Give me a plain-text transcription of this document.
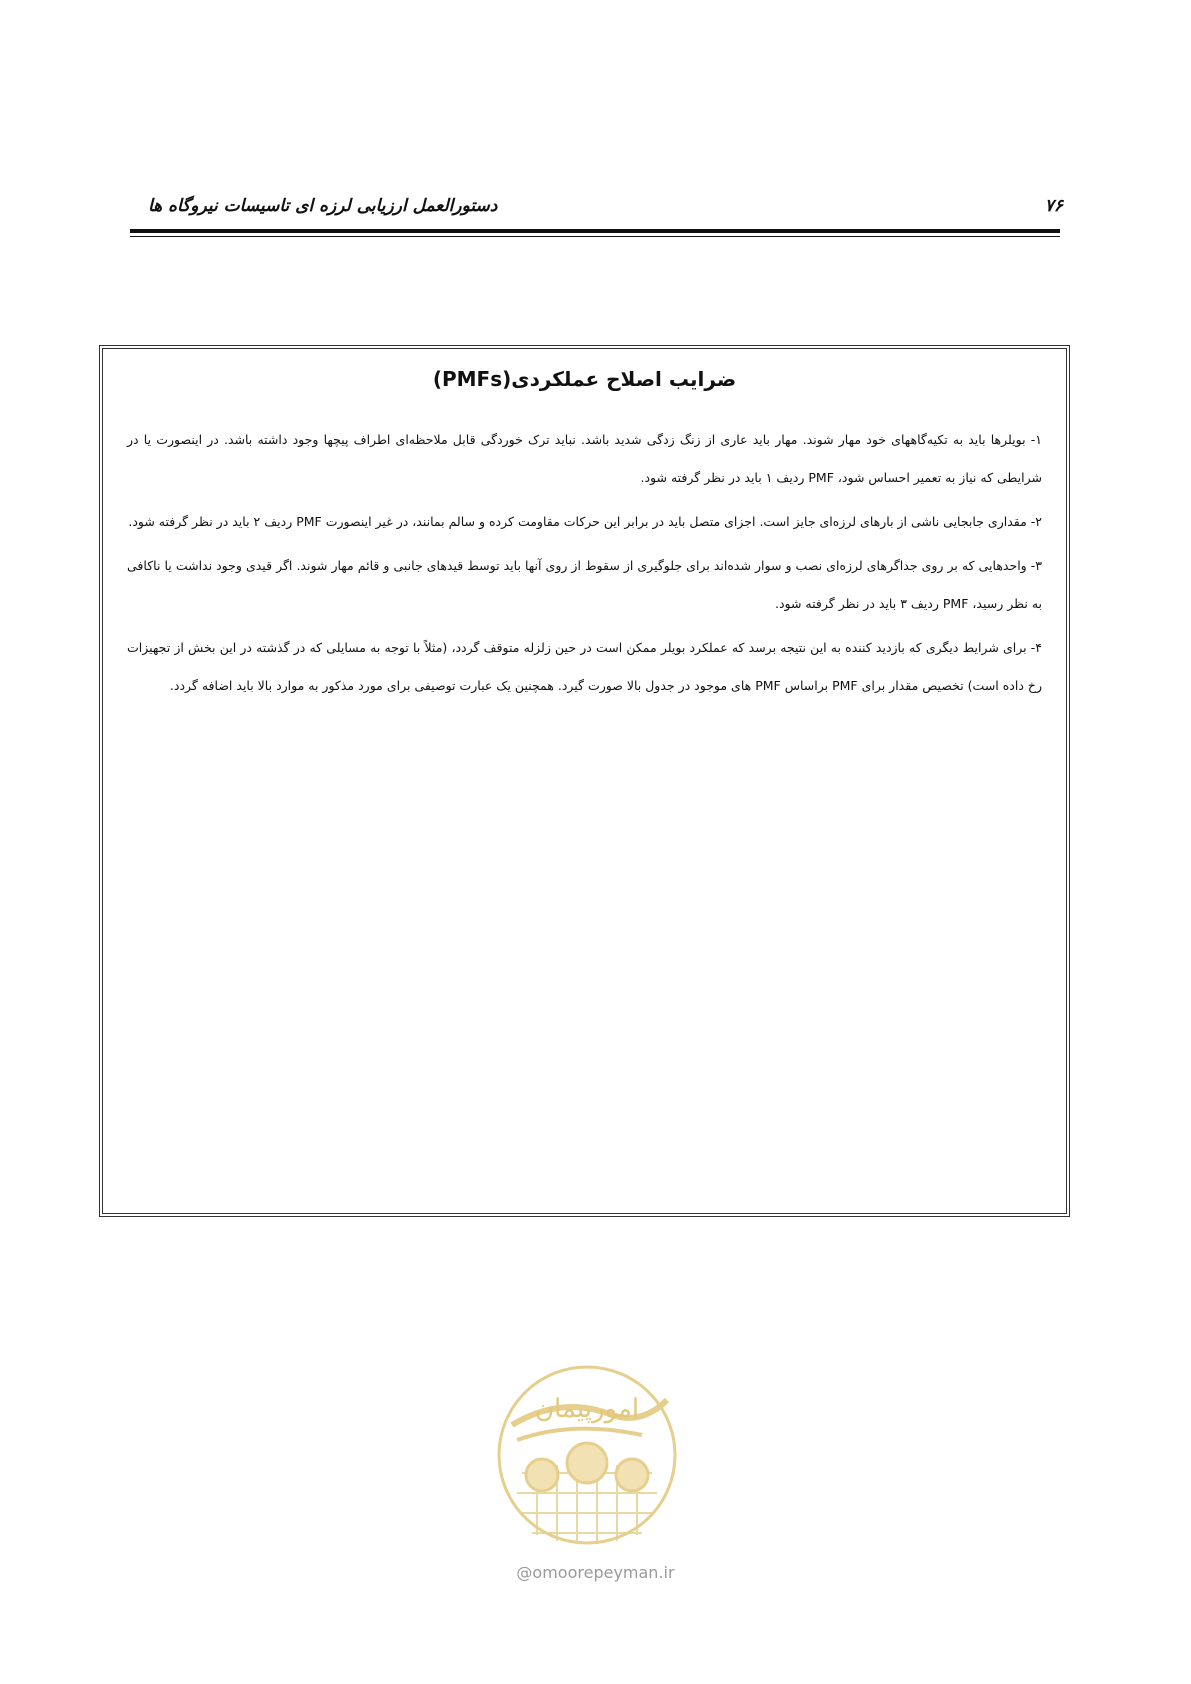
دستورالعمل ارزیابی لرزه ای تاسیسات نیروگاه ها	۷۶
ضرایب اصلاح عملکردی(PMFs)

۱- بویلرها باید به تکیه‌گاههای خود مهار شوند. مهار باید عاری از زنگ زدگی شدید باشد. نباید ترک خوردگی قابل ملاحظه‌ای اطراف پیچها وجود داشته باشد. در اینصورت یا در شرایطی که نیاز به تعمیر احساس شود، PMF ردیف ۱ باید در نظر گرفته شود.

۲- مقداری جابجایی ناشی از بارهای لرزه‌ای جایز است. اجزای متصل باید در برابر این حرکات مقاومت کرده و سالم بمانند، در غیر اینصورت PMF ردیف ۲ باید در نظر گرفته شود.

۳- واحدهایی که بر روی جداگرهای لرزه‌ای نصب و سوار شده‌اند برای جلوگیری از سقوط از روی آنها باید توسط قیدهای جانبی و قائم مهار شوند. اگر قیدی وجود نداشت یا ناکافی به نظر رسید، PMF ردیف ۳ باید در نظر گرفته شود.

۴- برای شرایط دیگری که بازدید کننده به این نتیجه برسد که عملکرد بویلر ممکن است در حین زلزله متوقف گردد، (مثلاً با توجه به مسایلی که در گذشته در این بخش از تجهیزات رخ داده است) تخصیص مقدار برای PMF براساس PMF های موجود در جدول بالا صورت گیرد. همچنین یک عبارت توصیفی برای مورد مذکور به موارد بالا باید اضافه گردد.

امورپیمان
@omoorepeyman.ir
